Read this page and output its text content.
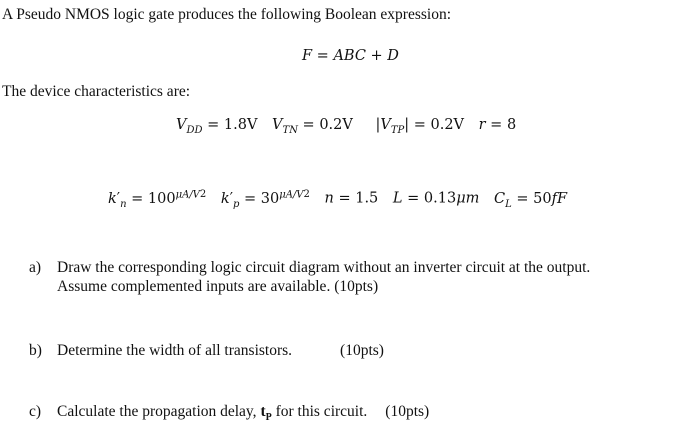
A Pseudo NMOS logic gate produces the following Boolean expression:
F = ABC + D
The device characteristics are:
$V_{DD} = 1.8V$ $V_{TN} = 0.2V$ $|V_{TP}| = 0.2V$ r = 8
$k'_n = 100^{\mu A/V2}$ $k'_p = 30^{\mu A/V2}$ n = 1.5 L = 0.13μm $C_L = 50fF$
a) Draw the corresponding logic circuit diagram without an inverter circuit at the output.
Assume complemented inputs are available. (10pts)
b) Determine the width of all transistors.	(10pts)
c) Calculate the propagation delay, $t_P$ for this circuit. (10pts)
